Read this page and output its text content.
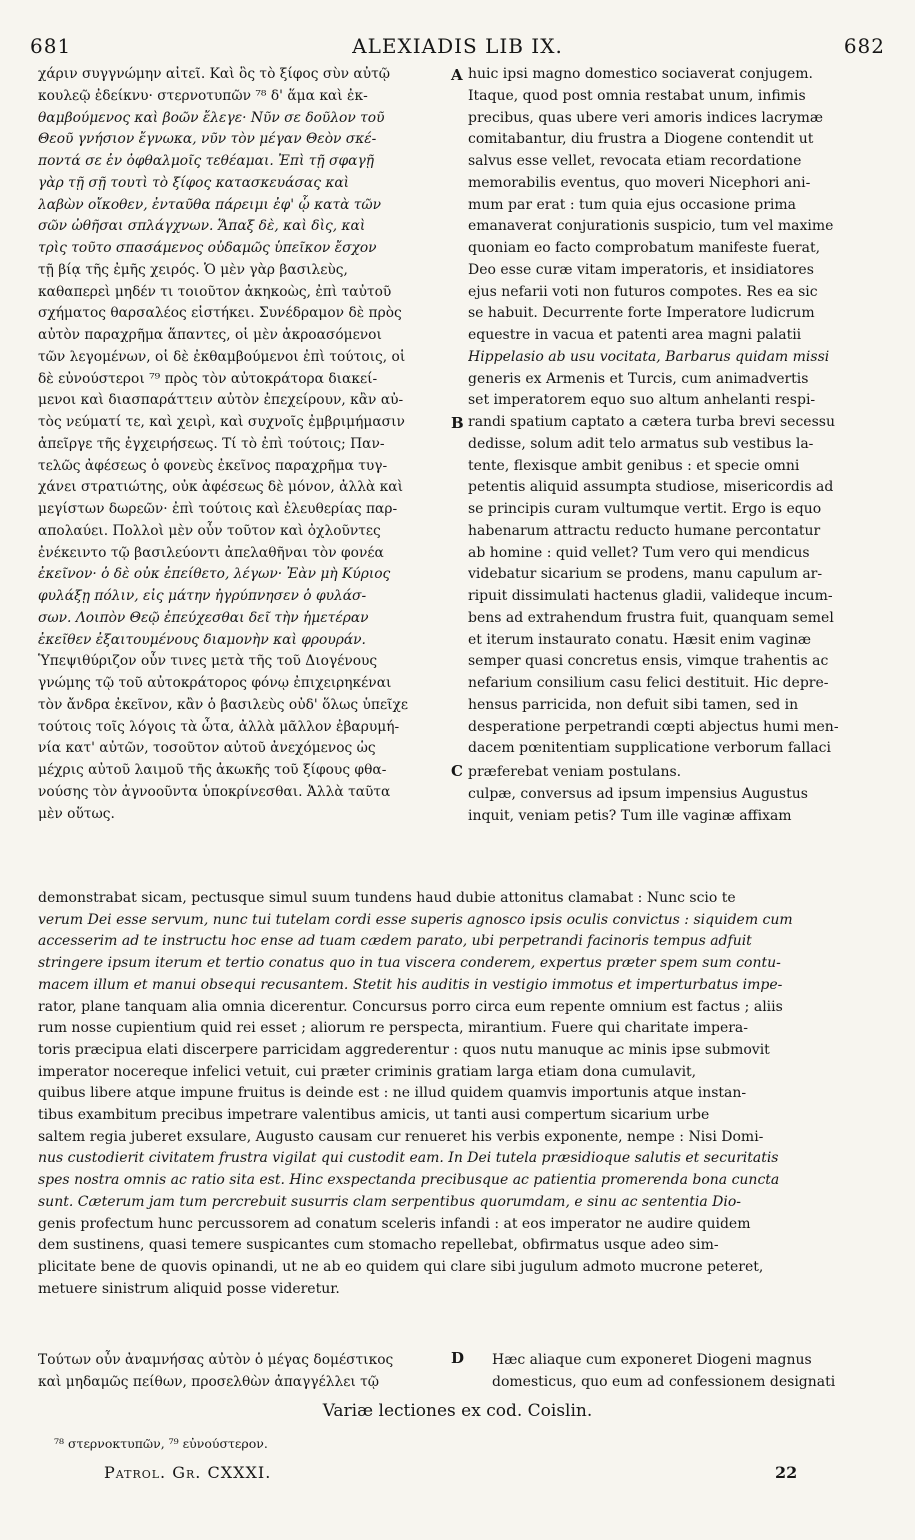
681	ALEXIADIS LIB IX.	682
χάριν συγγνώμην αἰτεῖ. Καὶ ὃς τὸ ξίφος σὺν αὐτῷ
κουλεῷ ἐδείκνυ· στερνοτυπῶν ⁷⁸ δ' ἅμα καὶ ἐκ-
θαμβούμενος καὶ βοῶν ἔλεγε· Νῦν σε δοῦλον τοῦ
Θεοῦ γνήσιον ἔγνωκα, νῦν τὸν μέγαν Θεὸν σκέ-
ποντά σε ἐν ὀφθαλμοῖς τεθέαμαι. Ἐπὶ τῇ σφαγῇ
γὰρ τῇ σῇ τουτὶ τὸ ξίφος κατασκευάσας καὶ
λαβὼν οἴκοθεν, ἐνταῦθα πάρειμι ἐφ' ᾧ κατὰ τῶν
σῶν ὠθῆσαι σπλάγχνων. Ἅπαξ δὲ, καὶ δὶς, καὶ
τρὶς τοῦτο σπασάμενος οὐδαμῶς ὑπεῖκον ἔσχον
τῇ βίᾳ τῆς ἐμῆς χειρός. Ὁ μὲν γὰρ βασιλεὺς,
καθαπερεὶ μηδέν τι τοιοῦτον ἀκηκοὼς, ἐπὶ ταὐτοῦ
σχήματος θαρσαλέος εἱστήκει. Συνέδραμον δὲ πρὸς
αὐτὸν παραχρῆμα ἅπαντες, οἱ μὲν ἀκροασόμενοι
τῶν λεγομένων, οἱ δὲ ἐκθαμβούμενοι ἐπὶ τούτοις, οἱ
δὲ εὐνούστεροι ⁷⁹ πρὸς τὸν αὐτοκράτορα διακεί-
μενοι καὶ διασπαράττειν αὐτὸν ἐπεχείρουν, κἂν αὐ-
τὸς νεύματί τε, καὶ χειρὶ, καὶ συχνοῖς ἐμβριμήμασιν
ἀπεῖργε τῆς ἐγχειρήσεως. Τί τὸ ἐπὶ τούτοις; Παν-
τελῶς ἀφέσεως ὁ φονεὺς ἐκεῖνος παραχρῆμα τυγ-
χάνει στρατιώτης, οὐκ ἀφέσεως δὲ μόνον, ἀλλὰ καὶ
μεγίστων δωρεῶν· ἐπὶ τούτοις καὶ ἐλευθερίας παρ-
απολαύει. Πολλοὶ μὲν οὖν τοῦτον καὶ ὀχλοῦντες
ἐνέκειντο τῷ βασιλεύοντι ἀπελαθῆναι τὸν φονέα
ἐκεῖνον· ὁ δὲ οὐκ ἐπείθετο, λέγων· Ἐὰν μὴ Κύριος
φυλάξῃ πόλιν, εἰς μάτην ἠγρύπνησεν ὁ φυλάσ-
σων. Λοιπὸν Θεῷ ἐπεύχεσθαι δεῖ τὴν ἡμετέραν
ἐκεῖθεν ἐξαιτουμένους διαμονὴν καὶ φρουράν.
Ὑπεψιθύριζον οὖν τινες μετὰ τῆς τοῦ Διογένους
γνώμης τῷ τοῦ αὐτοκράτορος φόνῳ ἐπιχειρηκέναι
τὸν ἄνδρα ἐκεῖνον, κἂν ὁ βασιλεὺς οὐδ' ὅλως ὑπεῖχε
τούτοις τοῖς λόγοις τὰ ὦτα, ἀλλὰ μᾶλλον ἐβαρυμή-
νία κατ' αὐτῶν, τοσοῦτον αὐτοῦ ἀνεχόμενος ὡς
μέχρις αὐτοῦ λαιμοῦ τῆς ἀκωκῆς τοῦ ξίφους φθα-
νούσης τὸν ἀγνοοῦντα ὑποκρίνεσθαι. Ἀλλὰ ταῦτα
μὲν οὕτως.
huic ipsi magno domestico sociaverat conjugem.
Itaque, quod post omnia restabat unum, infimis
precibus, quas ubere veri amoris indices lacrymæ
comitabantur, diu frustra a Diogene contendit ut
salvus esse vellet, revocata etiam recordatione
memorabilis eventus, quo moveri Nicephori ani-
mum par erat : tum quia ejus occasione prima
emanaverat conjurationis suspicio, tum vel maxime
quoniam eo facto comprobatum manifeste fuerat,
Deo esse curæ vitam imperatoris, et insidiatores
ejus nefarii voti non futuros compotes. Res ea sic
se habuit. Decurrente forte Imperatore ludicrum
equestre in vacua et patenti area magni palatii
Hippelasio ab usu vocitata, Barbarus quidam missi
generis ex Armenis et Turcis, cum animadvertis
set imperatorem equo suo altum anhelanti respi-
randi spatium captato a cætera turba brevi secessu
dedisse, solum adit telo armatus sub vestibus la-
tente, flexisque ambit genibus : et specie omni
petentis aliquid assumpta studiose, misericordis ad
se principis curam vultumque vertit. Ergo is equo
habenarum attractu reducto humane percontatur
ab homine : quid vellet? Tum vero qui mendicus
videbatur sicarium se prodens, manu capulum ar-
ripuit dissimulati hactenus gladii, valideque incum-
bens ad extrahendum frustra fuit, quanquam semel
et iterum instaurato conatu. Hæsit enim vaginæ
semper quasi concretus ensis, vimque trahentis ac
nefarium consilium casu felici destituit. Hic depre-
hensus parricida, non defuit sibi tamen, sed in
desperatione perpetrandi cœpti abjectus humi men-
dacem pœnitentiam supplicatione verborum fallaci
præferebat veniam postulans.
culpæ, conversus ad ipsum impensius Augustus
inquit, veniam petis? Tum ille vaginæ affixam
A
B
C
D
demonstrabat sicam, pectusque simul suum tundens haud dubie attonitus clamabat : Nunc scio te
verum Dei esse servum, nunc tui tutelam cordi esse superis agnosco ipsis oculis convictus : siquidem cum
accesserim ad te instructu hoc ense ad tuam cædem parato, ubi perpetrandi facinoris tempus adfuit
stringere ipsum iterum et tertio conatus quo in tua viscera conderem, expertus præter spem sum contu-
macem illum et manui obsequi recusantem. Stetit his auditis in vestigio immotus et imperturbatus impe-
rator, plane tanquam alia omnia dicerentur. Concursus porro circa eum repente omnium est factus ; aliis
rum nosse cupientium quid rei esset ; aliorum re perspecta, mirantium. Fuere qui charitate impera-
toris præcipua elati discerpere parricidam aggrederentur : quos nutu manuque ac minis ipse submovit
imperator nocereque infelici vetuit, cui præter criminis gratiam larga etiam dona cumulavit,
quibus libere atque impune fruitus is deinde est : ne illud quidem quamvis importunis atque instan-
tibus exambitum precibus impetrare valentibus amicis, ut tanti ausi compertum sicarium urbe
saltem regia juberet exsulare, Augusto causam cur renueret his verbis exponente, nempe : Nisi Domi-
nus custodierit civitatem frustra vigilat qui custodit eam. In Dei tutela præsidioque salutis et securitatis
spes nostra omnis ac ratio sita est. Hinc exspectanda precibusque ac patientia promerenda bona cuncta
sunt. Cæterum jam tum percrebuit susurris clam serpentibus quorumdam, e sinu ac sententia Dio-
genis profectum hunc percussorem ad conatum sceleris infandi : at eos imperator ne audire quidem
dem sustinens, quasi temere suspicantes cum stomacho repellebat, obfirmatus usque adeo sim-
plicitate bene de quovis opinandi, ut ne ab eo quidem qui clare sibi jugulum admoto mucrone peteret,
metuere sinistrum aliquid posse videretur.
Τούτων οὖν ἀναμνήσας αὐτὸν ὁ μέγας δομέστικος
καὶ μηδαμῶς πείθων, προσελθὼν ἀπαγγέλλει τῷ
Hæc aliaque cum exponeret Diogeni magnus
domesticus, quo eum ad confessionem designati
Variæ lectiones ex cod. Coislin.
⁷⁸ στερνοκτυπῶν, ⁷⁹ εὐνούστερον.
Patrol. Gr. CXXXI.	22
